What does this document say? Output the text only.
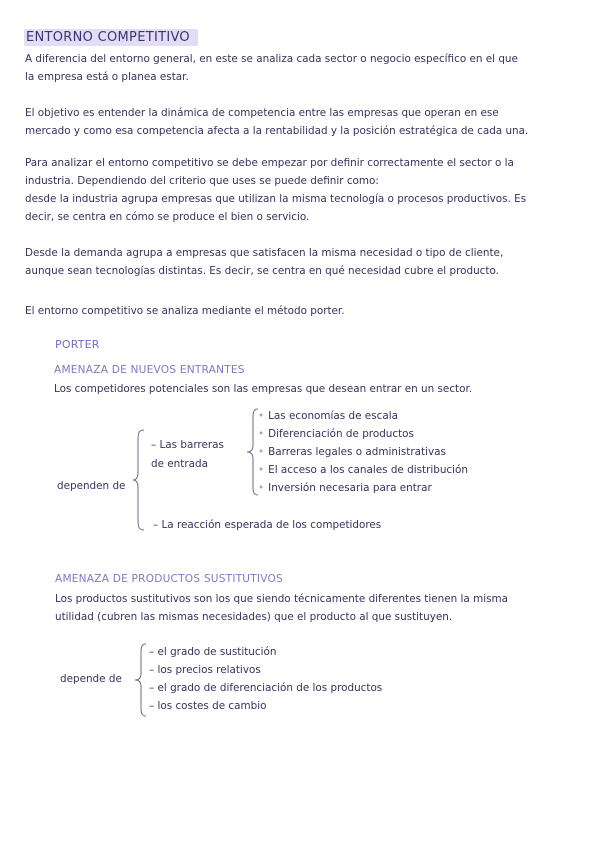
ENTORNO COMPETITIVO

A diferencia del entorno general, en este se analiza cada sector o negocio específico en el que
la empresa está o planea estar.

El objetivo es entender la dinámica de competencia entre las empresas que operan en ese
mercado y como esa competencia afecta a la rentabilidad y la posición estratégica de cada una.

Para analizar el entorno competitivo se debe empezar por definir correctamente el sector o la
industria. Dependiendo del criterio que uses se puede definir como:
desde la industria agrupa empresas que utilizan la misma tecnología o procesos productivos. Es
decir, se centra en cómo se produce el bien o servicio.

Desde la demanda agrupa a empresas que satisfacen la misma necesidad o tipo de cliente,
aunque sean tecnologías distintas. Es decir, se centra en qué necesidad cubre el producto.

El entorno competitivo se analiza mediante el método porter.

PORTER
AMENAZA DE NUEVOS ENTRANTES
Los competidores potenciales son las empresas que desean entrar en un sector.
dependen de
– Las barreras
de entrada
• Las economías de escala
• Diferenciación de productos
• Barreras legales o administrativas
• El acceso a los canales de distribución
• Inversión necesaria para entrar
– La reacción esperada de los competidores
AMENAZA DE PRODUCTOS SUSTITUTIVOS
Los productos sustitutivos son los que siendo técnicamente diferentes tienen la misma
utilidad (cubren las mismas necesidades) que el producto al que sustituyen.
depende de
– el grado de sustitución
– los precios relativos
– el grado de diferenciación de los productos
– los costes de cambio
